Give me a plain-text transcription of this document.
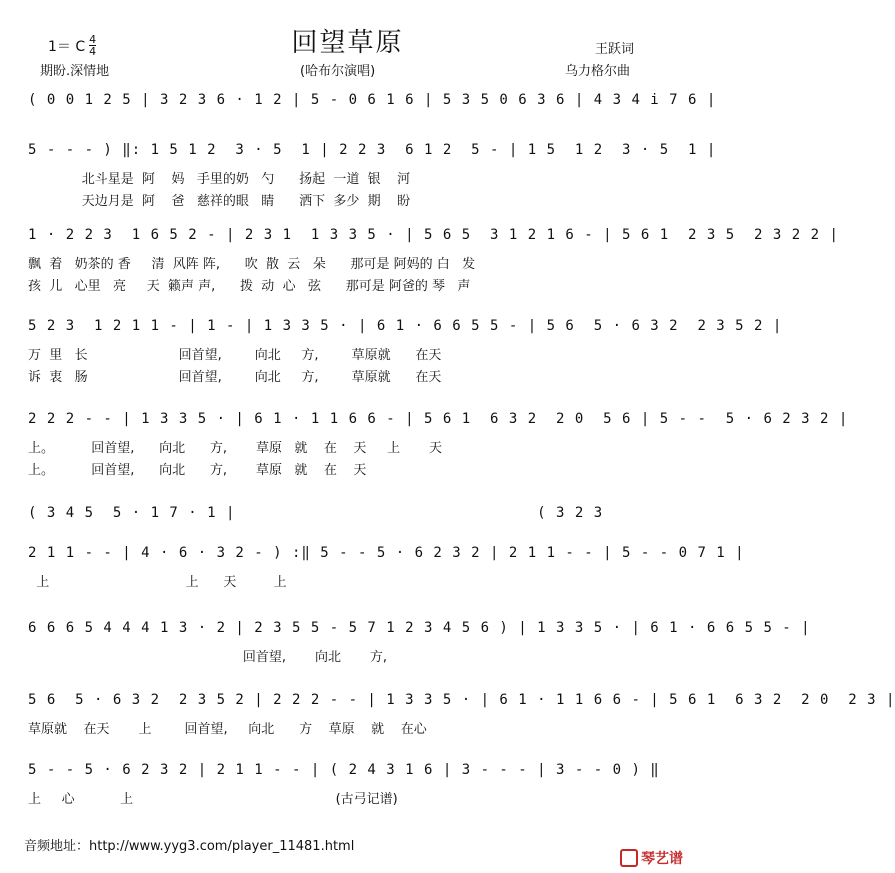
回望草原
1＝ C $\frac{4}{4}$
期盼.深情地	(哈布尔演唱)
王跃词
乌力格尔曲
( 0 0 1 2 5 | 3 2 3 6 · 1 2 | 5 - 0 6 1 6 | 5 3 5 0 6 3 6 | 4 3 4 i 7 6 |
5 - - - ) ‖: 1 5 1 2  3 · 5  1 | 2 2 3  6 1 2  5 - | 1 5  1 2  3 · 5  1 |
北斗星是  阿    妈   手里的奶   勺      扬起  一道  银    河
天边月是  阿    爸   慈祥的眼   睛      洒下  多少  期    盼
1 · 2 2 3  1 6 5 2 - | 2 3 1  1 3 3 5 · | 5 6 5  3 1 2 1 6 - | 5 6 1  2 3 5  2 3 2 2 |
飘  着   奶茶的 香     清  风阵 阵,      吹  散  云   朵      那可是 阿妈的 白   发
孩  儿   心里   亮     天  籁声 声,      拨  动  心   弦      那可是 阿爸的 琴   声
5 2 3  1 2 1 1 - | 1 - | 1 3 3 5 · | 6 1 · 6 6 5 5 - | 5 6  5 · 6 3 2  2 3 5 2 |
万  里   长                      回首望,        向北     方,        草原就      在天
诉  衷   肠                      回首望,        向北     方,        草原就      在天
2 2 2 - - | 1 3 3 5 · | 6 1 · 1 1 6 6 - | 5 6 1  6 3 2  2 0  5 6 | 5 - -  5 · 6 2 3 2 |
上。         回首望,      向北      方,       草原   就    在    天     上       天
上。         回首望,      向北      方,       草原   就    在    天
( 3 4 5  5 · 1 7 · 1 |                                ( 3 2 3
2 1 1 - - | 4 · 6 · 3 2 - ) :‖ 5 - - 5 · 6 2 3 2 | 2 1 1 - - | 5 - - 0 7 1 |
上                                 上      天         上
6 6 6 5 4 4 4 1 3 · 2 | 2 3 5 5 - 5 7 1 2 3 4 5 6 ) | 1 3 3 5 · | 6 1 · 6 6 5 5 - |
回首望,       向北       方,
5 6  5 · 6 3 2  2 3 5 2 | 2 2 2 - - | 1 3 3 5 · | 6 1 · 1 1 6 6 - | 5 6 1  6 3 2  2 0  2 3 |
草原就    在天       上        回首望,     向北      方    草原    就    在心
5 - - 5 · 6 2 3 2 | 2 1 1 - - | ( 2 4 3 1 6 | 3 - - - | 3 - - 0 ) ‖
上     心           上                                                 (古弓记谱)
音频地址：http://www.yyg3.com/player_11481.html
琴艺谱
